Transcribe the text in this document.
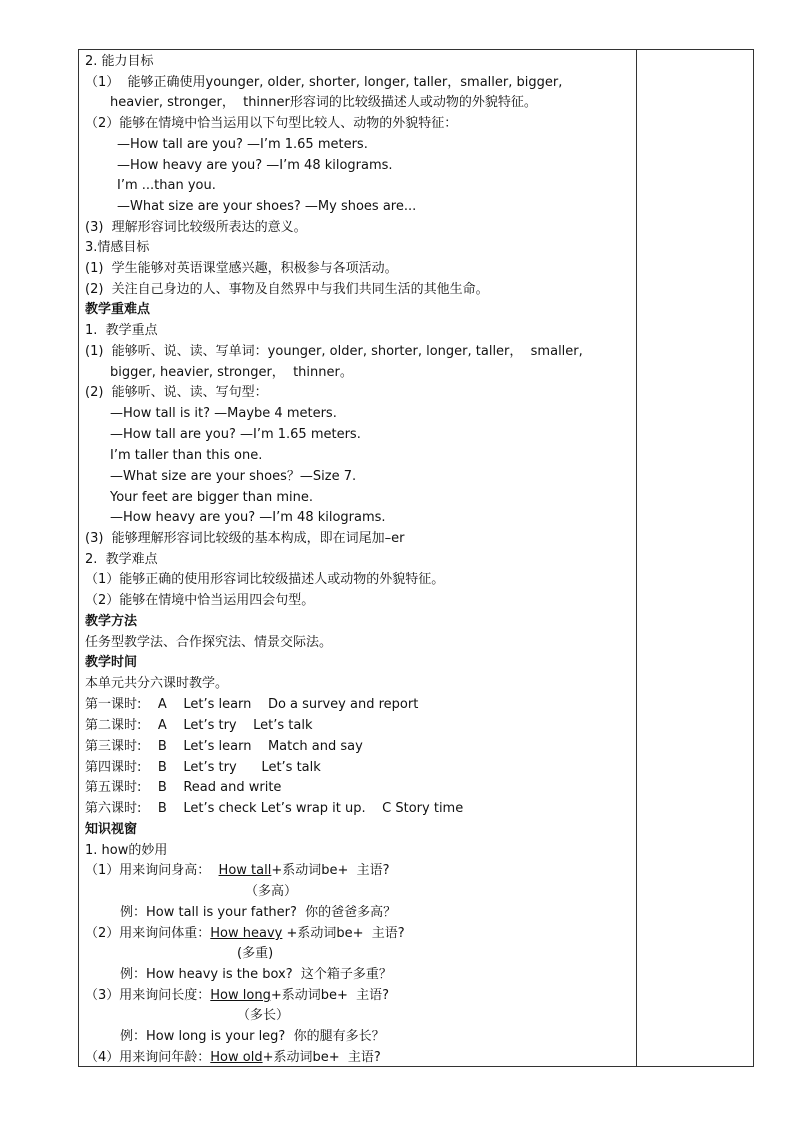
2. 能力目标
（1）  能够正确使用younger, older, shorter, longer, taller，smaller, bigger,
heavier, stronger，  thinner形容词的比较级描述人或动物的外貌特征。
（2）能够在情境中恰当运用以下句型比较人、动物的外貌特征：
—How tall are you? —I’m 1.65 meters.
—How heavy are you? —I’m 48 kilograms.
I’m ...than you.
—What size are your shoes? —My shoes are...
(3)  理解形容词比较级所表达的意义。
3.情感目标
(1)  学生能够对英语课堂感兴趣，积极参与各项活动。
(2)  关注自己身边的人、事物及自然界中与我们共同生活的其他生命。
教学重难点
1.  教学重点
(1)  能够听、说、读、写单词：younger, older, shorter, longer, taller，  smaller,
bigger, heavier, stronger，  thinner。
(2)  能够听、说、读、写句型：
—How tall is it? —Maybe 4 meters.
—How tall are you? —I’m 1.65 meters.
I’m taller than this one.
—What size are your shoes？—Size 7.
Your feet are bigger than mine.
—How heavy are you? —I’m 48 kilograms.
(3)  能够理解形容词比较级的基本构成，即在词尾加–er
2.  教学难点
（1）能够正确的使用形容词比较级描述人或动物的外貌特征。
（2）能够在情境中恰当运用四会句型。
教学方法
任务型教学法、合作探究法、情景交际法。
教学时间
本单元共分六课时教学。
第一课时:    A    Let’s learn    Do a survey and report
第二课时:    A    Let’s try    Let’s talk
第三课时:    B    Let’s learn    Match and say
第四课时:    B    Let’s try      Let’s talk
第五课时:    B    Read and write
第六课时:    B    Let’s check Let’s wrap it up.    C Story time
知识视窗
1. how的妙用
（1）用来询问身高：  How tall+系动词be+  主语?
（多高）
例：How tall is your father?  你的爸爸多高？
（2）用来询问体重：How heavy +系动词be+  主语?
(多重)
例：How heavy is the box?  这个箱子多重？
（3）用来询问长度：How long+系动词be+  主语?
（多长）
例：How long is your leg?  你的腿有多长？
（4）用来询问年龄：How old+系动词be+  主语?
